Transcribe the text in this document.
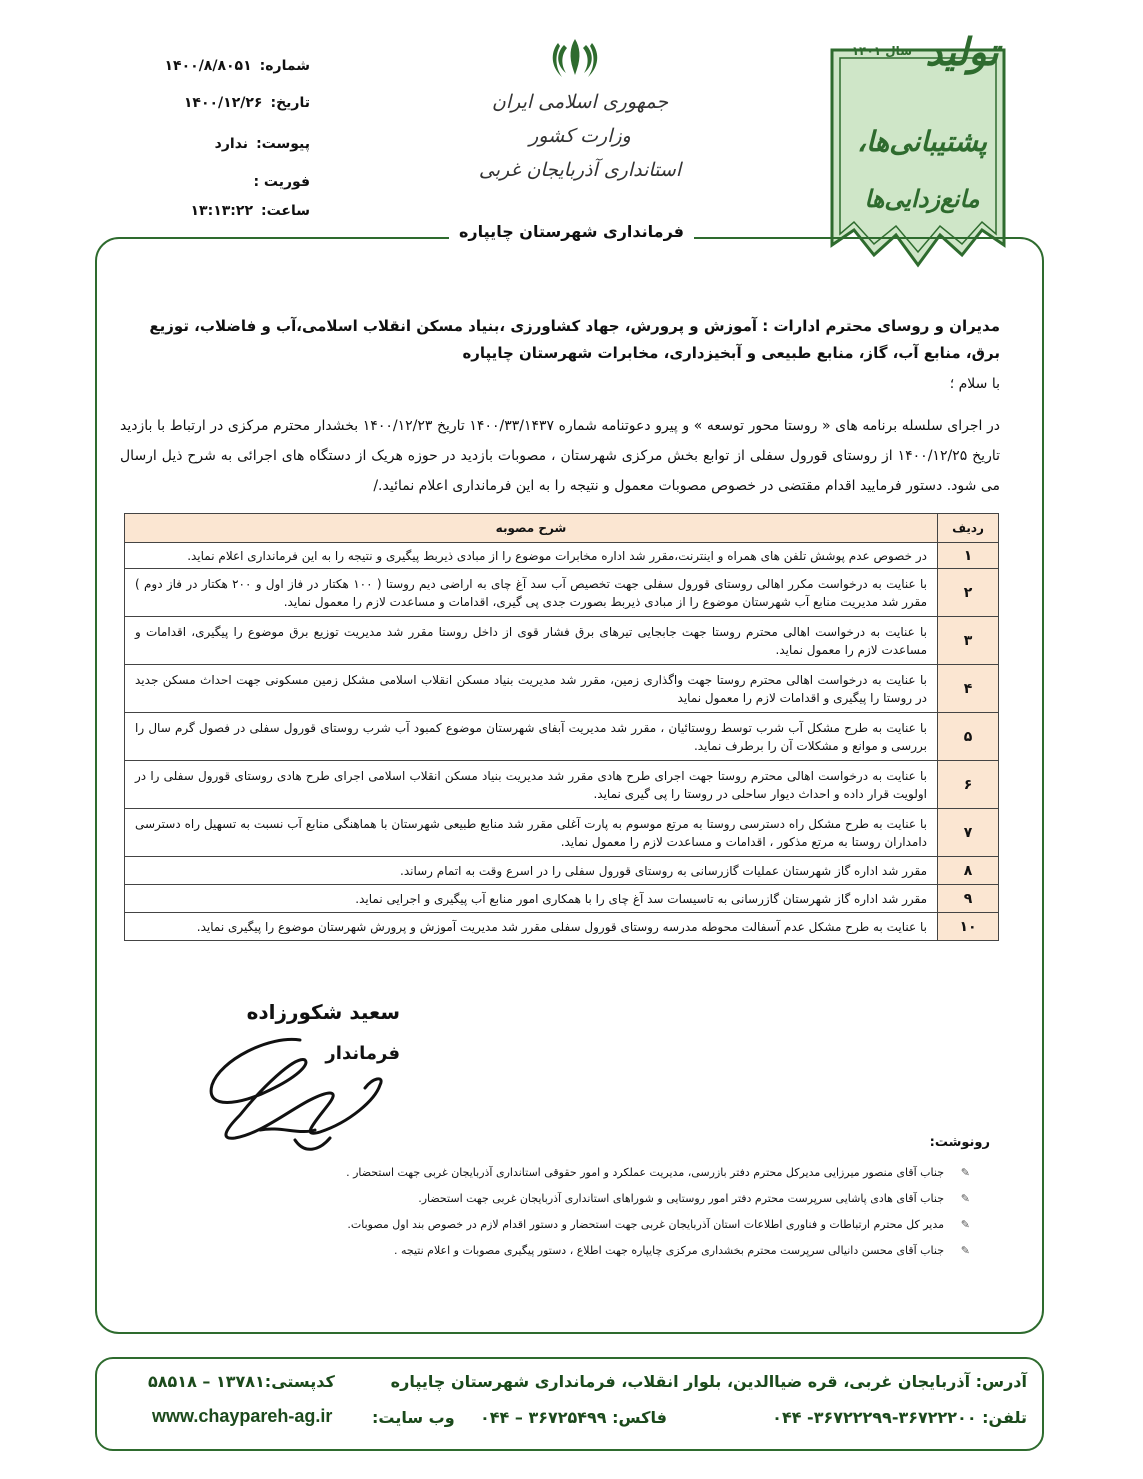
شماره:۱۴۰۰/۸/۸۰۵۱
تاریخ:۱۴۰۰/۱۲/۲۶
پیوست:ندارد
فوریت :
ساعت:۱۳:۱۳:۲۲
جمهوری اسلامی ایران
وزارت کشور
استانداری آذربایجان غربی
تولید
سال ۱۴۰۱
پشتیبانی‌ها،
مانع‌زدایی‌ها
فرمانداری شهرستان چایپاره
مدیران و روسای محترم ادارات : آموزش و پرورش، جهاد کشاورزی ،بنیاد مسکن انقلاب اسلامی،آب و فاضلاب، توزیع برق، منابع آب، گاز، منابع طبیعی و آبخیزداری، مخابرات شهرستان چایپاره
با سلام ؛
در اجرای سلسله برنامه های « روستا محور توسعه » و پیرو دعوتنامه شماره ۱۴۰۰/۳۳/۱۴۳۷ تاریخ ۱۴۰۰/۱۲/۲۳ بخشدار محترم مرکزی در ارتباط با بازدید تاریخ ۱۴۰۰/۱۲/۲۵ از روستای قورول سفلی از توابع بخش مرکزی شهرستان ، مصوبات بازدید در حوزه هریک از دستگاه های اجرائی به شرح ذیل ارسال می شود. دستور فرمایید اقدام مقتضی در خصوص مصوبات معمول و نتیجه را به این فرمانداری اعلام نمائید./
ردیف	شرح مصوبه
۱	در خصوص عدم پوشش تلفن های همراه و اینترنت،مقرر شد اداره مخابرات موضوع را از مبادی ذیربط پیگیری و نتیجه را به این فرمانداری اعلام نماید.
۲	با عنایت به درخواست مکرر اهالی روستای قورول سفلی جهت تخصیص آب سد آغ چای به اراضی دیم روستا ( ۱۰۰ هکتار در فاز اول و ۲۰۰ هکتار در فاز دوم ) مقرر شد مدیریت منابع آب شهرستان موضوع را از مبادی ذیربط بصورت جدی پی گیری، اقدامات و مساعدت لازم را معمول نماید.
۳	با عنایت به درخواست اهالی محترم روستا جهت جابجایی تیرهای برق فشار قوی از داخل روستا مقرر شد مدیریت توزیع برق موضوع را پیگیری، اقدامات و مساعدت لازم را معمول نماید.
۴	با عنایت به درخواست اهالی محترم روستا جهت واگذاری زمین، مقرر شد مدیریت بنیاد مسکن انقلاب اسلامی مشکل زمین مسکونی جهت احداث مسکن جدید در روستا را پیگیری و اقدامات لازم را معمول نماید
۵	با عنایت به طرح مشکل آب شرب توسط روستائیان ، مقرر شد مدیریت آبفای شهرستان موضوع کمبود آب شرب روستای قورول سفلی در فصول گرم سال را بررسی و موانع و مشکلات آن را برطرف نماید.
۶	با عنایت به درخواست اهالی محترم روستا جهت اجرای طرح هادی مقرر شد مدیریت بنیاد مسکن انقلاب اسلامی اجرای طرح هادی روستای قورول سفلی را در اولویت قرار داده و احداث دیوار ساحلی در روستا را پی گیری نماید.
۷	با عنایت به طرح مشکل راه دسترسی روستا به مرتع موسوم به پارت آغلی مقرر شد منابع طبیعی شهرستان با هماهنگی منابع آب نسبت به تسهیل راه دسترسی دامداران روستا به مرتع مذکور ، اقدامات و مساعدت لازم را معمول نماید.
۸	مقرر شد اداره گاز شهرستان عملیات گازرسانی به روستای قورول سفلی را در اسرع وقت به اتمام رساند.
۹	مقرر شد اداره گاز شهرستان گازرسانی به تاسیسات سد آغ چای را با همکاری امور منابع آب پیگیری و اجرایی نماید.
۱۰	با عنایت به طرح مشکل عدم آسفالت محوطه مدرسه روستای قورول سفلی مقرر شد مدیریت آموزش و پرورش شهرستان موضوع را پیگیری نماید.
سعید شکورزاده
فرماندار
رونوشت:
✎جناب آقای منصور میرزایی مدیرکل محترم دفتر بازرسی، مدیریت عملکرد و امور حقوقی استانداری آذربایجان غربی جهت استحضار .
✎جناب آقای هادی پاشایی سرپرست محترم دفتر امور روستایی و شوراهای استانداری آذربایجان غربی جهت استحضار.
✎مدیر کل محترم ارتباطات و فناوری اطلاعات استان آذربایجان غربی جهت استحضار و دستور اقدام لازم در خصوص بند اول مصوبات.
✎جناب آقای محسن دانیالی سرپرست محترم بخشداری مرکزی چایپاره جهت اطلاع ، دستور پیگیری مصوبات و اعلام نتیجه .
آدرس: آذربایجان غربی، قره ضیاالدین، بلوار انقلاب، فرمانداری شهرستان چایپاره
کدپستی:۱۳۷۸۱ – ۵۸۵۱۸
تلفن: ۳۶۷۲۲۲۰۰-۳۶۷۲۲۲۹۹- ۰۴۴
فاکس: ۳۶۷۲۵۴۹۹ – ۰۴۴
وب سایت:
www.chaypareh-ag.ir
